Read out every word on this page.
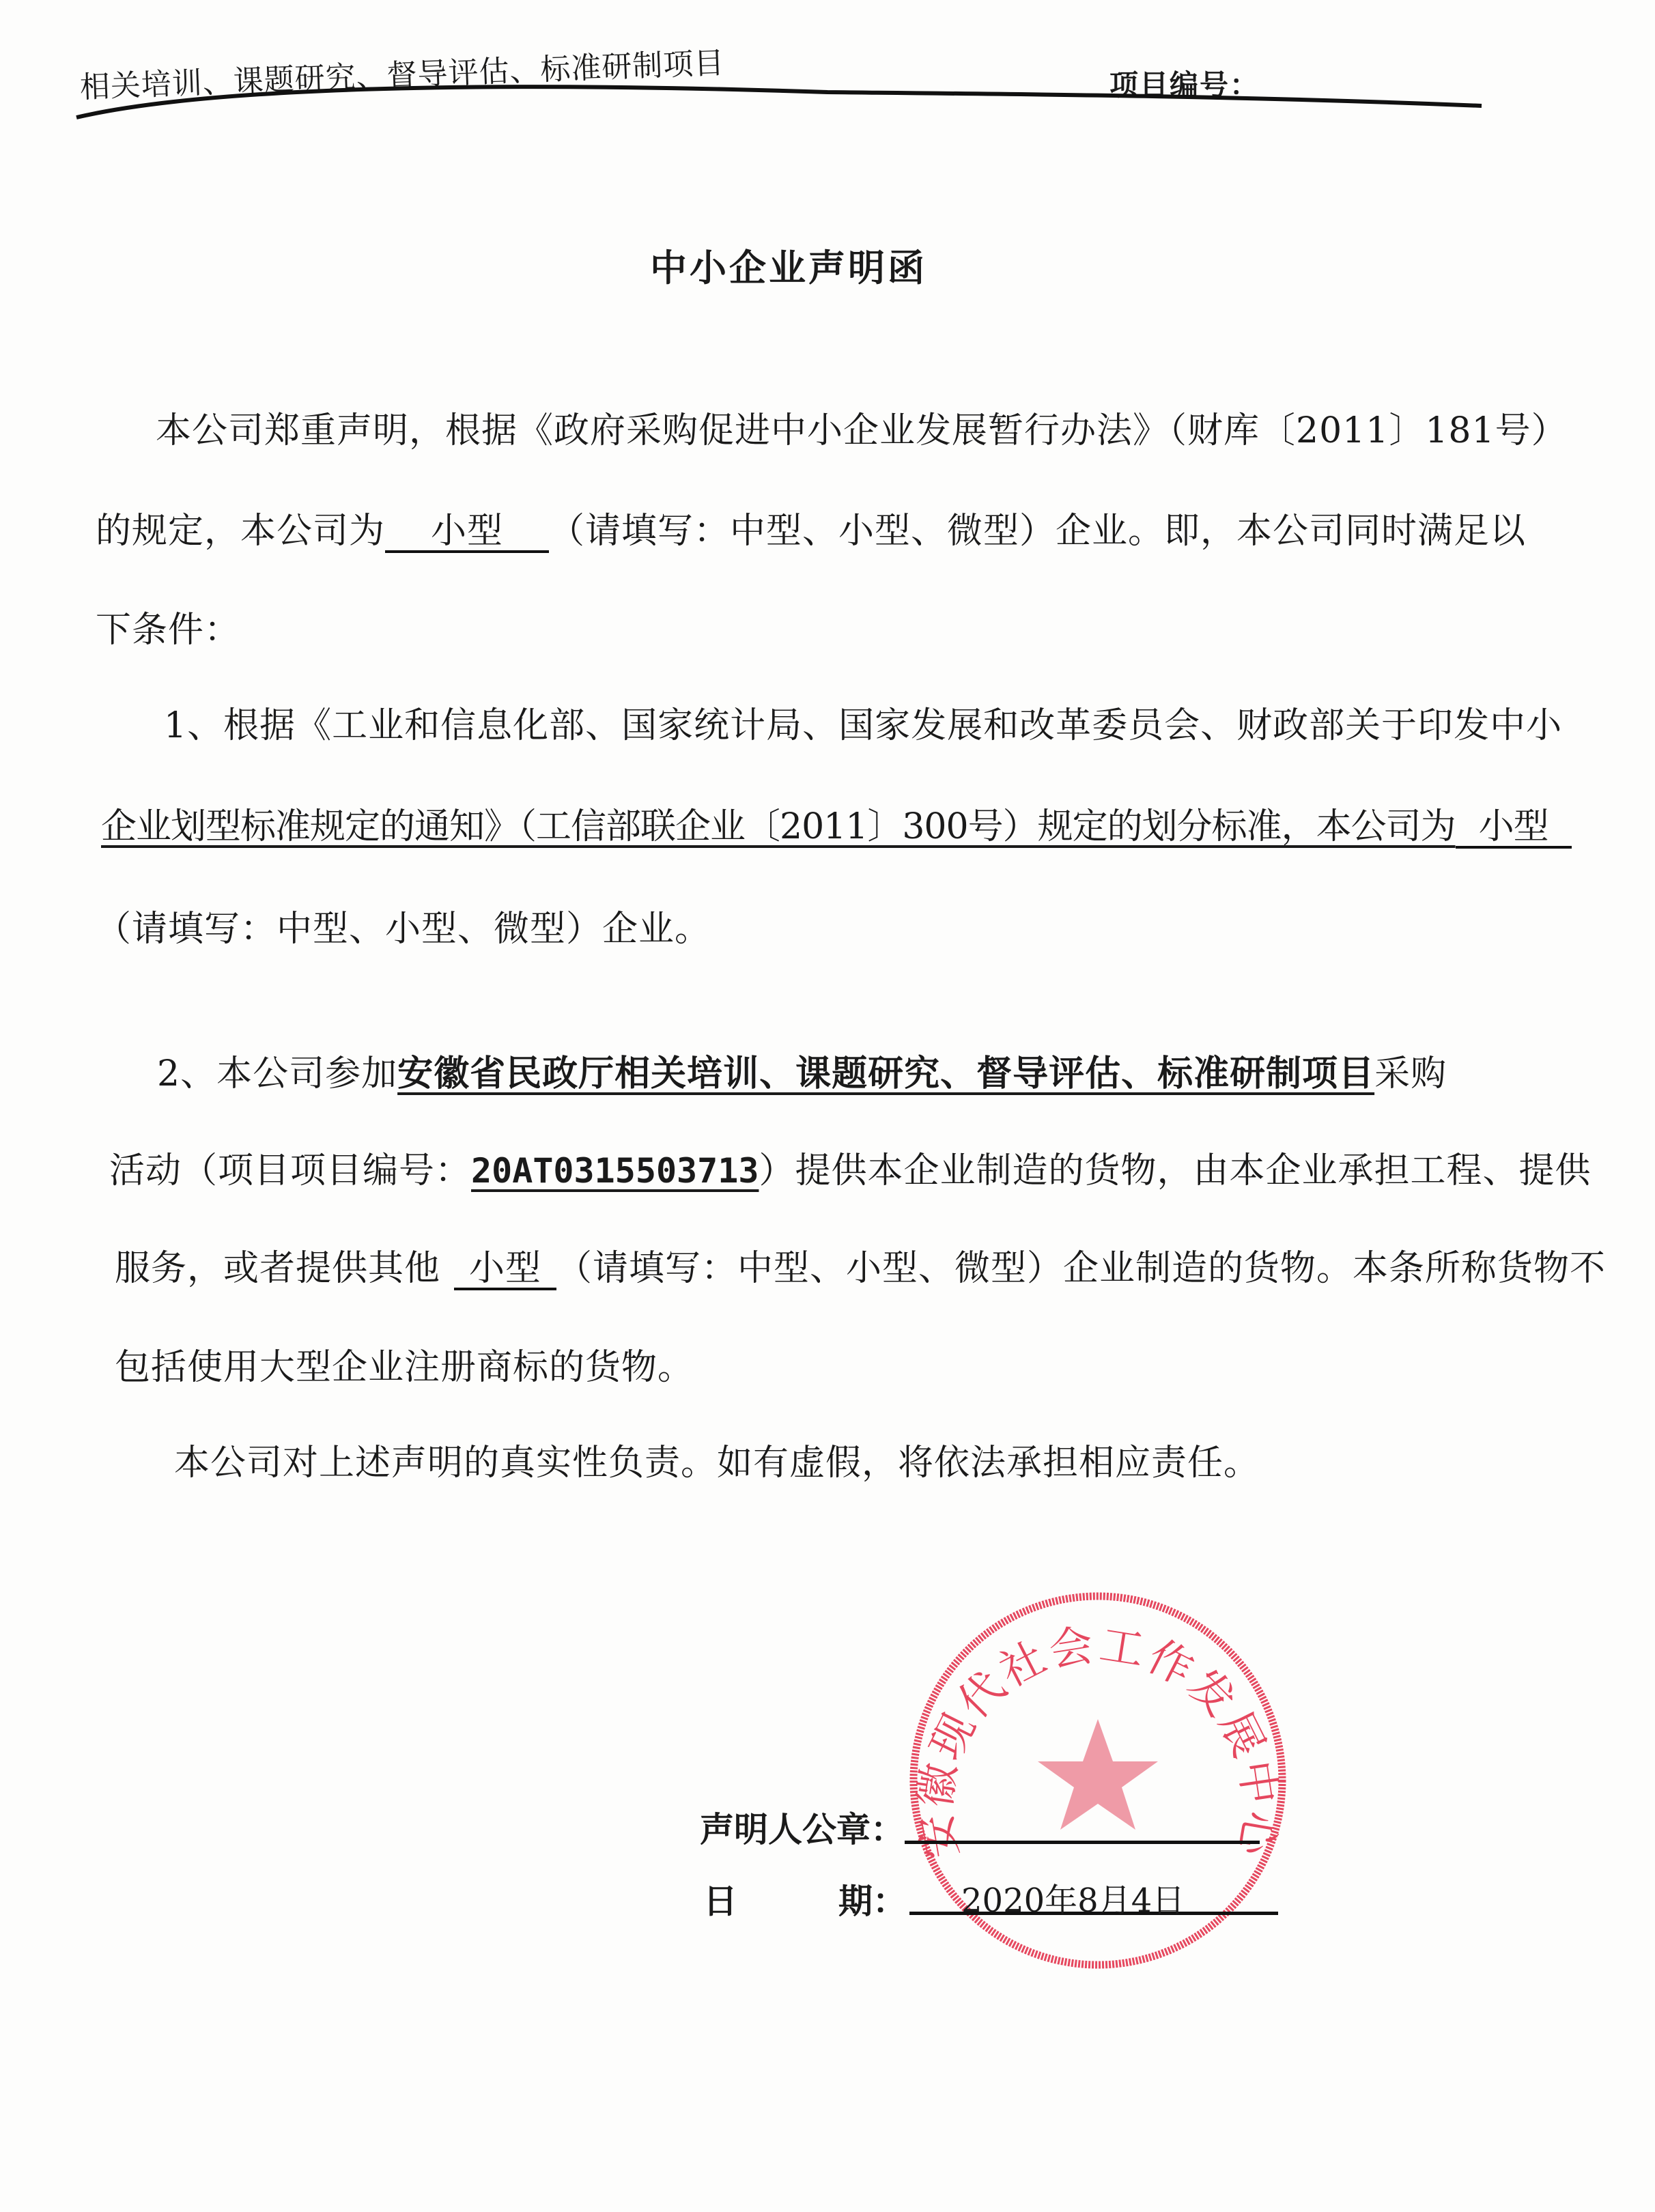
相关培训、课题研究、督导评估、标准研制项目	项目编号：
中小企业声明函
本公司郑重声明，根据《政府采购促进中小企业发展暂行办法》（财库〔2011〕181号）
的规定，本公司为 小型 （请填写：中型、小型、微型）企业。即，本公司同时满足以
下条件：
1、根据《工业和信息化部、国家统计局、国家发展和改革委员会、财政部关于印发中小
企业划型标准规定的通知》（工信部联企业〔2011〕300号）规定的划分标准，本公司为 小型
（请填写：中型、小型、微型）企业。
2、本公司参加安徽省民政厅相关培训、课题研究、督导评估、标准研制项目采购
活动（项目项目编号：20AT0315503713）提供本企业制造的货物，由本企业承担工程、提供
服务，或者提供其他 小型 （请填写：中型、小型、微型）企业制造的货物。本条所称货物不
包括使用大型企业注册商标的货物。
本公司对上述声明的真实性负责。如有虚假，将依法承担相应责任。
安徽现代社会工作发展中心
声明人公章：
日	期： 2020年8月4日
